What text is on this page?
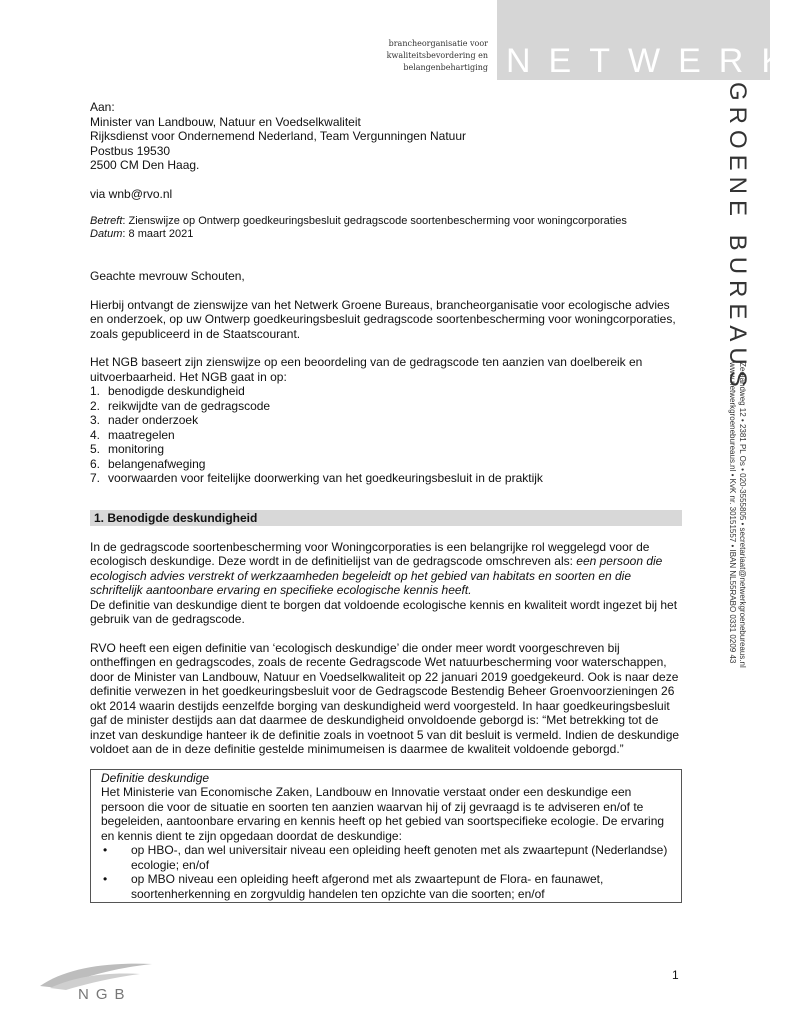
brancheorganisatie voor
kwaliteitsbevordering en
belangenbehartiging NETWERK
GROENE BUREAUS
Zeelandweg 12 • 2381 PL Os • 020-3555805 • secretariaat@netwerkgroenebureaus.nl
www.netwerkgroenebureaus.nl • KvK nr. 30151557 • IBAN NL55RABO 0331 0209 43

Aan:

Minister van Landbouw, Natuur en Voedselkwaliteit

Rijksdienst voor Ondernemend Nederland, Team Vergunningen Natuur

Postbus 19530

2500 CM Den Haag.

via wnb@rvo.nl

Betreft: Zienswijze op Ontwerp goedkeuringsbesluit gedragscode soortenbescherming voor woningcorporaties

Datum: 8 maart 2021

Geachte mevrouw Schouten,

Hierbij ontvangt de zienswijze van het Netwerk Groene Bureaus, brancheorganisatie voor ecologische advies en onderzoek, op uw Ontwerp goedkeuringsbesluit gedragscode soortenbescherming voor woningcorporaties, zoals gepubliceerd in de Staatscourant.

Het NGB baseert zijn zienswijze op een beoordeling van de gedragscode ten aanzien van doelbereik en uitvoerbaarheid. Het NGB gaat in op:

1. benodigde deskundigheid
2. reikwijdte van de gedragscode
3. nader onderzoek
4. maatregelen
5. monitoring
6. belangenafweging
7. voorwaarden voor feitelijke doorwerking van het goedkeuringsbesluit in de praktijk
1. Benodigde deskundigheid

In de gedragscode soortenbescherming voor Woningcorporaties is een belangrijke rol weggelegd voor de ecologisch deskundige. Deze wordt in de definitielijst van de gedragscode omschreven als: een persoon die ecologisch advies verstrekt of werkzaamheden begeleidt op het gebied van habitats en soorten en die schriftelijk aantoonbare ervaring en specifieke ecologische kennis heeft.

De definitie van deskundige dient te borgen dat voldoende ecologische kennis en kwaliteit wordt ingezet bij het gebruik van de gedragscode.

RVO heeft een eigen definitie van ‘ecologisch deskundige’ die onder meer wordt voorgeschreven bij ontheffingen en gedragscodes, zoals de recente Gedragscode Wet natuurbescherming voor waterschappen, door de Minister van Landbouw, Natuur en Voedselkwaliteit op 22 januari 2019 goedgekeurd. Ook is naar deze definitie verwezen in het goedkeuringsbesluit voor de Gedragscode Bestendig Beheer Groenvoorzieningen 26 okt 2014 waarin destijds eenzelfde borging van deskundigheid werd voorgesteld. In haar goedkeuringsbesluit gaf de minister destijds aan dat daarmee de deskundigheid onvoldoende geborgd is: “Met betrekking tot de inzet van deskundige hanteer ik de definitie zoals in voetnoot 5 van dit besluit is vermeld. Indien de deskundige voldoet aan de in deze definitie gestelde minimumeisen is daarmee de kwaliteit voldoende geborgd.”

Definitie deskundige

Het Ministerie van Economische Zaken, Landbouw en Innovatie verstaat onder een deskundige een persoon die voor de situatie en soorten ten aanzien waarvan hij of zij gevraagd is te adviseren en/of te begeleiden, aantoonbare ervaring en kennis heeft op het gebied van soortspecifieke ecologie. De ervaring en kennis dient te zijn opgedaan doordat de deskundige:

•	op HBO-, dan wel universitair niveau een opleiding heeft genoten met als zwaartepunt (Nederlandse) ecologie; en/of
•	op MBO niveau een opleiding heeft afgerond met als zwaartepunt de Flora- en faunawet, soortenherkenning en zorgvuldig handelen ten opzichte van die soorten; en/of
NGB
1
